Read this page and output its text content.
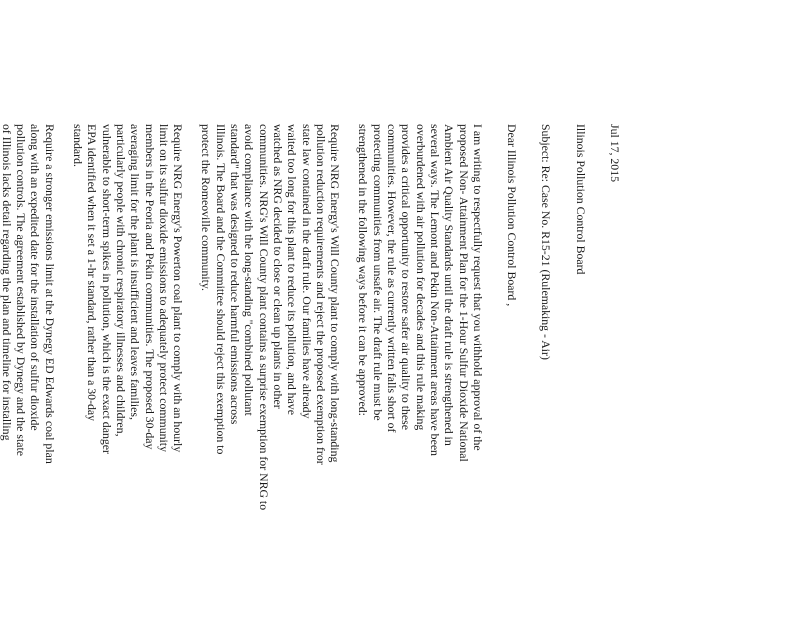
Jul 17, 2015

Illinois Pollution Control Board

Subject: Re: Case No. R15-21 (Rulemaking - Air)

Dear Illinois Pollution Control Board ,

I am writing to respectfully request that you withhold approval of the
proposed Non- Attainment Plan for the 1-Hour Sulfur Dioxide National
Ambient Air Quality Standards until the draft rule is strengthened in
several ways. The Lemont and Pekin Non-Attainment areas have been
overburdened with air pollution for decades and this rule making
provides a critical opportunity to restore safer air quality to these
communities. However, the rule as currently written falls short of
protecting communities from unsafe air. The draft rule must be
strengthened in the following ways before it can be approved:
Require NRG Energy's Will County plant to comply with long-standing
pollution reduction requirements and reject the proposed exemption fror
state law contained in the draft rule. Our families have already
waited too long for this plant to reduce its pollution, and have
watched as NRG decided to close or clean up plants in other
communities. NRG's Will County plant contains a surprise exemption for NRG to
avoid compliance with the long-standing "combined pollutant
standard" that was designed to reduce harmful emissions across
Illinois. The Board and the Committee should reject this exemption to
protect the Romeoville community.
Require NRG Energy's Powerton coal plant to comply with an hourly
limit on its sulfur dioxide emissions to adequately protect community
members in the Peoria and Pekin communities. The proposed 30-day
averaging limit for the plant is insufficient and leaves families,
particularly people with chronic respiratory illnesses and children,
vulnerable to short-term spikes in pollution, which is the exact danger
EPA identified when it set a 1-hr standard, rather than a 30-day
standard.
Require a stronger emissions limit at the Dynegy ED Edwards coal plan
along with an expedited date for the installation of sulfur dioxide
pollution controls. The agreement established by Dynegy and the state
of Illinois lacks detail regarding the plan and timeline for installing
